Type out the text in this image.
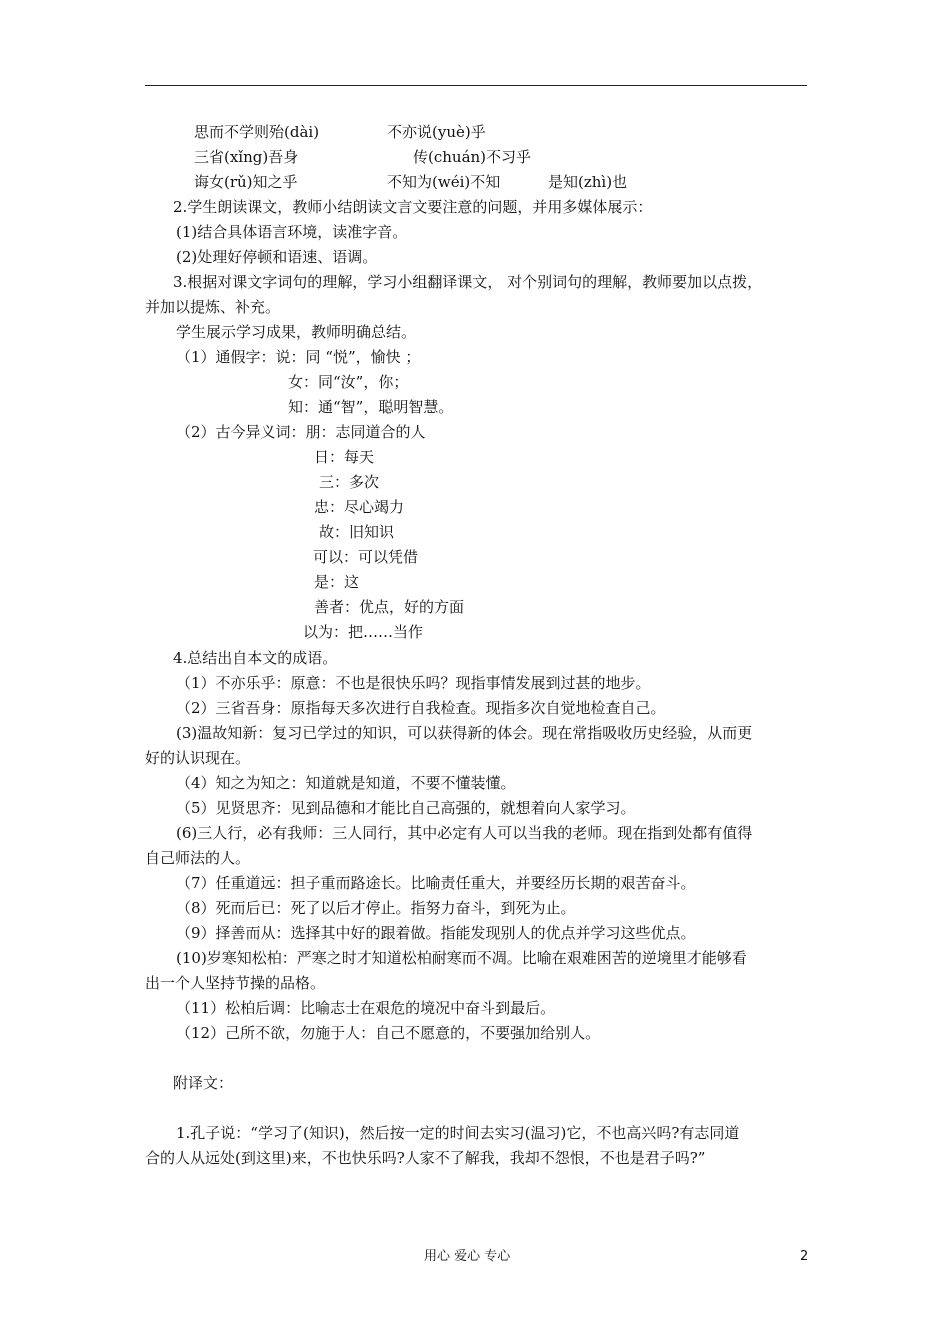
思而不学则殆(dài)	不亦说(yuè)乎
三省(xǐng)吾身	传(chuán)不习乎
诲女(rǔ)知之乎	不知为(wéi)不知	是知(zhì)也
2.学生朗读课文，教师小结朗读文言文要注意的问题，并用多媒体展示：
(1)结合具体语言环境，读准字音。
(2)处理好停顿和语速、语调。
3.根据对课文字词句的理解，学习小组翻译课文， 对个别词句的理解，教师要加以点拨，
并加以提炼、补充。
学生展示学习成果，教师明确总结。
（1）通假字：说：同 “悦”，愉快 ；
女：同“汝”，你；
知：通“智”，聪明智慧。
（2）古今异义词：朋：志同道合的人
日：每天
三：多次
忠：尽心竭力
故：旧知识
可以：可以凭借
是：这
善者：优点，好的方面
以为：把……当作
4.总结出自本文的成语。
（1）不亦乐乎：原意：不也是很快乐吗？现指事情发展到过甚的地步。
（2）三省吾身：原指每天多次进行自我检查。现指多次自觉地检查自己。
(3)温故知新：复习已学过的知识，可以获得新的体会。现在常指吸收历史经验，从而更
好的认识现在。
（4）知之为知之：知道就是知道，不要不懂装懂。
（5）见贤思齐：见到品德和才能比自己高强的，就想着向人家学习。
(6)三人行，必有我师：三人同行，其中必定有人可以当我的老师。现在指到处都有值得
自己师法的人。
（7）任重道远：担子重而路途长。比喻责任重大，并要经历长期的艰苦奋斗。
（8）死而后已：死了以后才停止。指努力奋斗，到死为止。
（9）择善而从：选择其中好的跟着做。指能发现别人的优点并学习这些优点。
(10)岁寒知松柏：严寒之时才知道松柏耐寒而不凋。比喻在艰难困苦的逆境里才能够看
出一个人坚持节操的品格。
（11）松柏后调：比喻志士在艰危的境况中奋斗到最后。
（12）己所不欲，勿施于人：自己不愿意的，不要强加给别人。
附译文：
1.孔子说：“学习了(知识)，然后按一定的时间去实习(温习)它，不也高兴吗?有志同道
合的人从远处(到这里)来，不也快乐吗?人家不了解我，我却不怨恨，不也是君子吗?”
用心 爱心 专心	2
